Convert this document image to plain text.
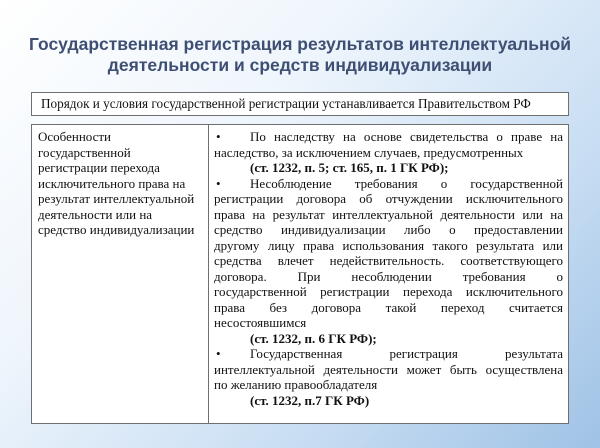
Государственная регистрация результатов интеллектуальной
деятельности и средств индивидуализации
Порядок и условия государственной регистрации устанавливается Правительством РФ
Особенности
государственной
регистрации перехода
исключительного права на
результат интеллектуальной
деятельности или на
средство индивидуализации
• По наследству на основе свидетельства о праве на
наследство, за исключением случаев, предусмотренных
(ст. 1232, п. 5; ст. 165, п. 1 ГК РФ);
• Несоблюдение требования о государственной
регистрации договора об отчуждении исключительного
права на результат интеллектуальной деятельности или на
средство индивидуализации либо о предоставлении
другому лицу права использования такого результата или
средства влечет недействительность. соответствующего
договора. При несоблюдении требования о
государственной регистрации перехода исключительного
права без договора такой переход считается
несостоявшимся
(ст. 1232, п. 6 ГК РФ);
• Государственная регистрация результата
интеллектуальной деятельности может быть осуществлена
по желанию правообладателя
(ст. 1232, п.7 ГК РФ)
